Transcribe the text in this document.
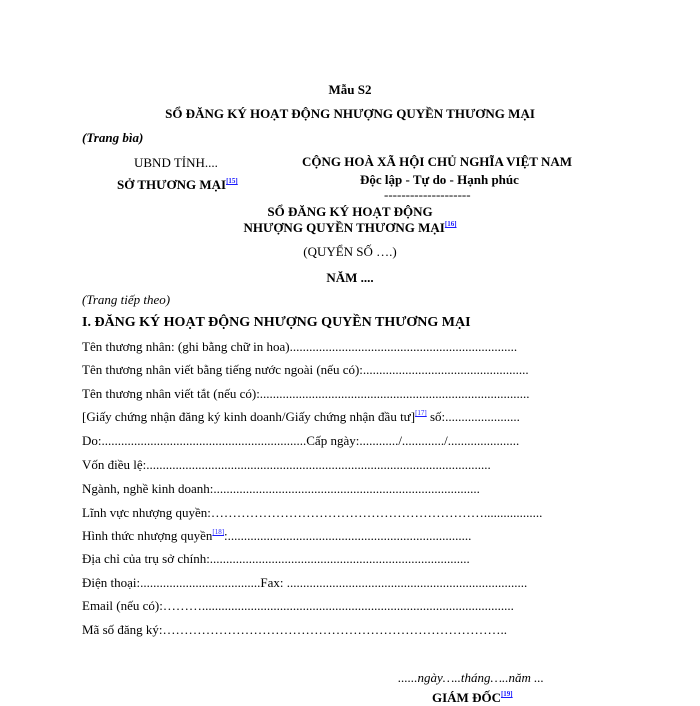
Mẫu S2
SỔ ĐĂNG KÝ HOẠT ĐỘNG NHƯỢNG QUYỀN THƯƠNG MẠI
(Trang bìa)
UBND TỈNH....
SỞ THƯƠNG MẠI[15]
CỘNG HOÀ XÃ HỘI CHỦ NGHĨA VIỆT NAM
Độc lập - Tự do - Hạnh phúc
--------------------
SỔ ĐĂNG KÝ HOẠT ĐỘNG
NHƯỢNG QUYỀN THƯƠNG MẠI[16]
(QUYỂN SỐ ….)
NĂM ....
(Trang tiếp theo)
I. ĐĂNG KÝ HOẠT ĐỘNG NHƯỢNG QUYỀN THƯƠNG MẠI
Tên thương nhân: (ghi bằng chữ in hoa)......................................................................
Tên thương nhân viết bằng tiếng nước ngoài (nếu có):...................................................
Tên thương nhân viết tắt (nếu có):...................................................................................
[Giấy chứng nhận đăng ký kinh doanh/Giấy chứng nhận đầu tư][17] số:.......................
Do:...............................................................Cấp ngày:............/............./......................
Vốn điều lệ:..........................................................................................................
Ngành, nghề kinh doanh:..................................................................................
Lĩnh vực nhượng quyền:………………………………………………………..................
Hình thức nhượng quyền[18]:...........................................................................
Địa chỉ của trụ sở chính:................................................................................
Điện thoại:.....................................Fax: ..........................................................................
Email (nếu có):………................................................................................................
Mã số đăng ký:……………………………………………………………………..
......ngày…..tháng…..năm ...
GIÁM ĐỐC[19]
